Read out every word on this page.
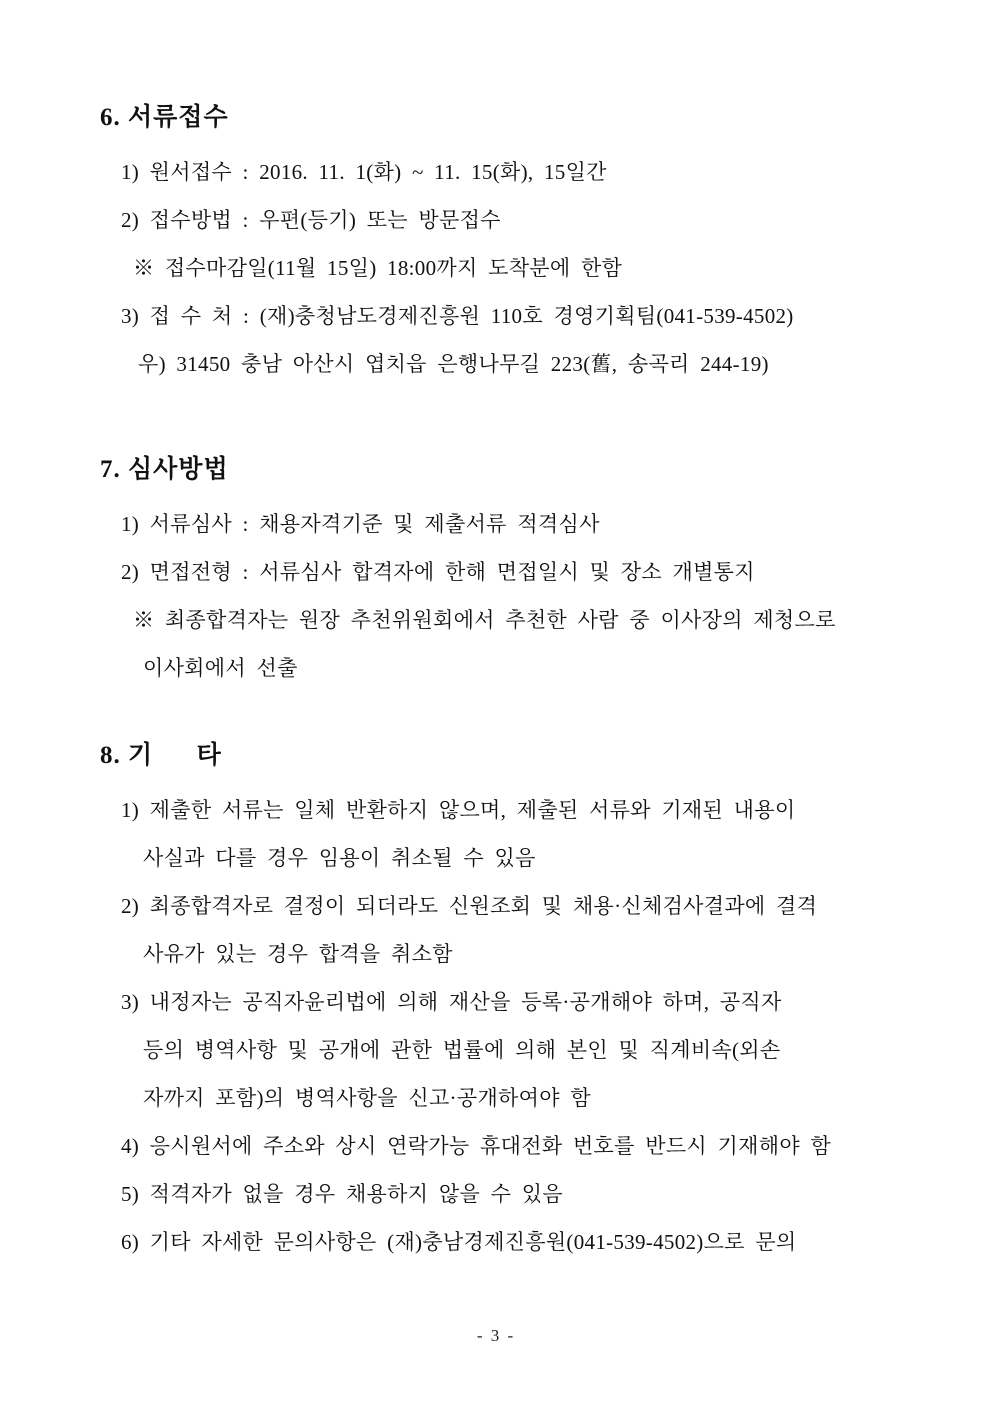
6. 서류접수
1) 원서접수 : 2016. 11. 1(화) ~ 11. 15(화), 15일간
2) 접수방법 : 우편(등기) 또는 방문접수
※ 접수마감일(11월 15일) 18:00까지 도착분에 한함
3) 접 수 처 : (재)충청남도경제진흥원 110호 경영기획팀(041-539-4502)
우) 31450 충남 아산시 엽치읍 은행나무길 223(舊, 송곡리 244-19)
7. 심사방법
1) 서류심사 : 채용자격기준 및 제출서류 적격심사
2) 면접전형 : 서류심사 합격자에 한해 면접일시 및 장소 개별통지
※ 최종합격자는 원장 추천위원회에서 추천한 사람 중 이사장의 제청으로
이사회에서 선출
8. 기      타
1) 제출한 서류는 일체 반환하지 않으며, 제출된 서류와 기재된 내용이
사실과 다를 경우 임용이 취소될 수 있음
2) 최종합격자로 결정이 되더라도 신원조회 및 채용·신체검사결과에 결격
사유가 있는 경우 합격을 취소함
3) 내정자는 공직자윤리법에 의해 재산을 등록·공개해야 하며, 공직자
등의 병역사항 및 공개에 관한 법률에 의해 본인 및 직계비속(외손
자까지 포함)의 병역사항을 신고·공개하여야 함
4) 응시원서에 주소와 상시 연락가능 휴대전화 번호를 반드시 기재해야 함
5) 적격자가 없을 경우 채용하지 않을 수 있음
6) 기타 자세한 문의사항은 (재)충남경제진흥원(041-539-4502)으로 문의
- 3 -
